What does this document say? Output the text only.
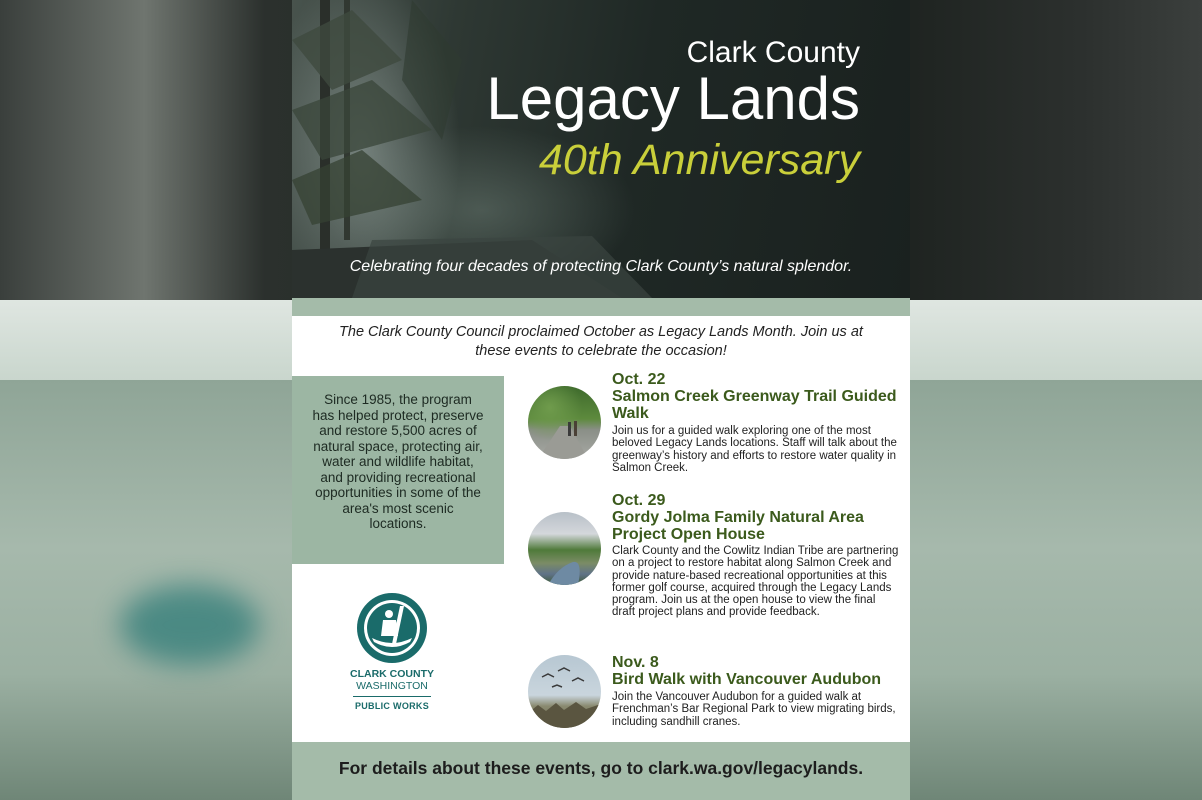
Clark County
Legacy Lands
40th Anniversary
Celebrating four decades of protecting Clark County’s natural splendor.
The Clark County Council proclaimed October as Legacy Lands Month. Join us at these events to celebrate the occasion!
Since 1985, the program has helped protect, preserve and restore 5,500 acres of natural space, protecting air, water and wildlife habitat, and providing recreational opportunities in some of the area's most scenic locations.
CLARK COUNTY
WASHINGTON
PUBLIC WORKS
Oct. 22
Salmon Creek Greenway Trail Guided Walk
Join us for a guided walk exploring one of the most beloved Legacy Lands locations. Staff will talk about the greenway’s history and efforts to restore water quality in Salmon Creek.
Oct. 29
Gordy Jolma Family Natural Area Project Open House
Clark County and the Cowlitz Indian Tribe are partnering on a project to restore habitat along Salmon Creek and provide nature-based recreational opportunities at this former golf course, acquired through the Legacy Lands program. Join us at the open house to view the final draft project plans and provide feedback.
Nov. 8
Bird Walk with Vancouver Audubon
Join the Vancouver Audubon for a guided walk at Frenchman’s Bar Regional Park to view migrating birds, including sandhill cranes.
For details about these events, go to clark.wa.gov/legacylands.
